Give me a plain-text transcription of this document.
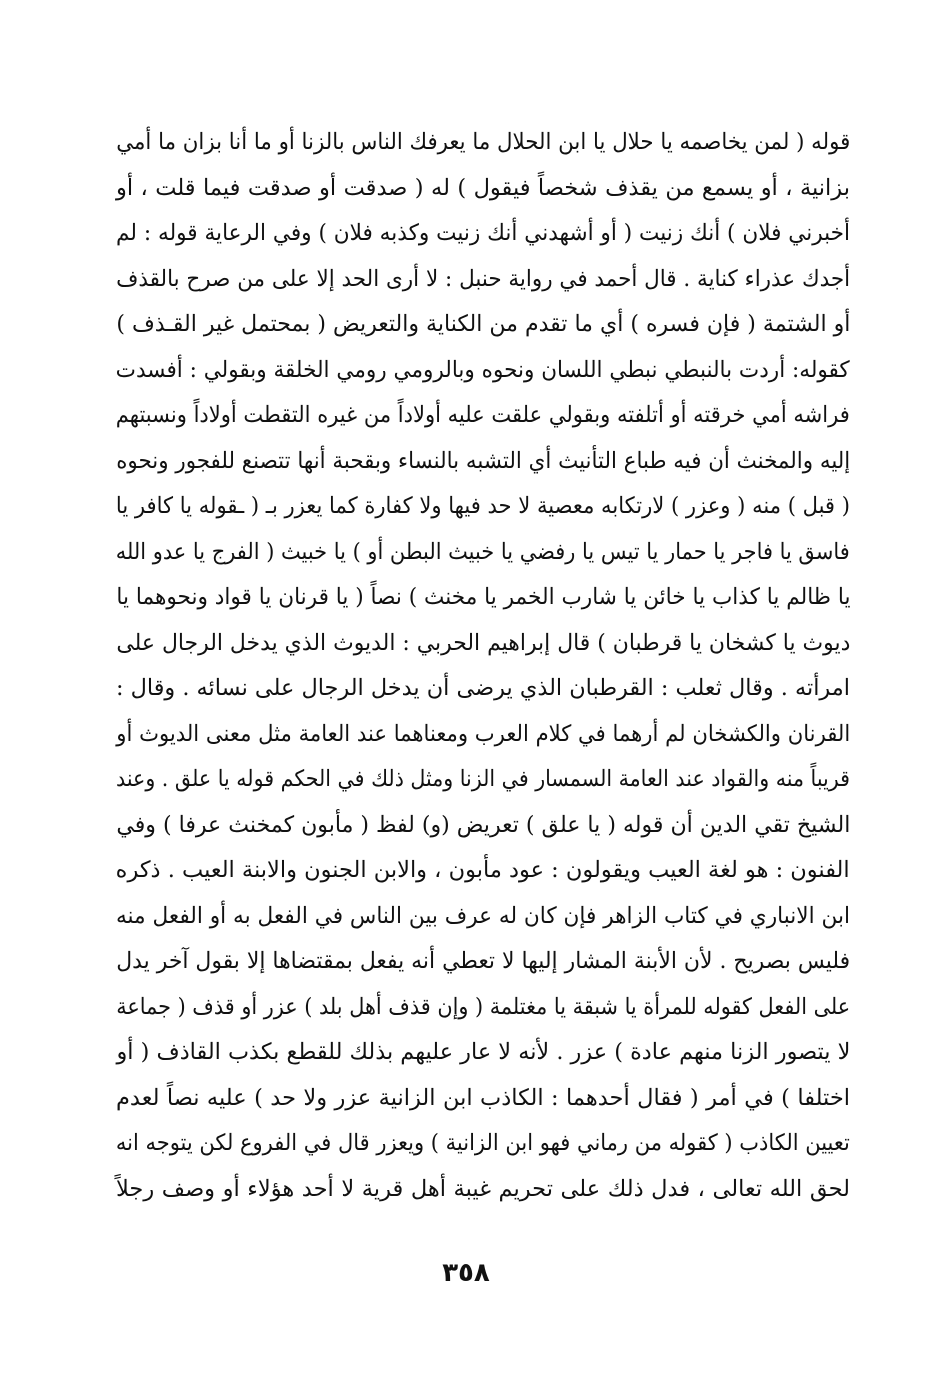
قوله ( لمن يخاصمه يا حلال يا ابن الحلال ما يعرفك الناس بالزنا أو ما أنا بزان ما أمي
بزانية ، أو يسمع من يقذف شخصاً فيقول ) له ( صدقت أو صدقت فيما قلت ، أو
أخبرني فلان ) أنك زنيت ( أو أشهدني أنك زنيت وكذبه فلان ) وفي الرعاية قوله : لم
أجدك عذراء كناية . قال أحمد في رواية حنبل : لا أرى الحد إلا على من صرح بالقذف
أو الشتمة ( فإن فسره ) أي ما تقدم من الكناية والتعريض ( بمحتمل غير القـذف )
كقوله: أردت بالنبطي نبطي اللسان ونحوه وبالرومي رومي الخلقة وبقولي : أفسدت
فراشه أمي خرقته أو أتلفته وبقولي علقت عليه أولاداً من غيره التقطت أولاداً ونسبتهم
إليه والمخنث أن فيه طباع التأنيث أي التشبه بالنساء وبقحبة أنها تتصنع للفجور ونحوه
( قبل ) منه ( وعزر ) لارتكابه معصية لا حد فيها ولا كفارة كما يعزر بـ ( ـقوله يا كافر يا
فاسق يا فاجر يا حمار يا تيس يا رفضي يا خبيث البطن أو ) يا خبيث ( الفرج يا عدو الله
يا ظالم يا كذاب يا خائن يا شارب الخمر يا مخنث ) نصاً ( يا قرنان يا قواد ونحوهما يا
ديوث يا كشخان يا قرطبان ) قال إبراهيم الحربي : الديوث الذي يدخل الرجال على
امرأته . وقال ثعلب : القرطبان الذي يرضى أن يدخل الرجال على نسائه . وقال :
القرنان والكشخان لم أرهما في كلام العرب ومعناهما عند العامة مثل معنى الديوث أو
قريباً منه والقواد عند العامة السمسار في الزنا ومثل ذلك في الحكم قوله يا علق . وعند
الشيخ تقي الدين أن قوله ( يا علق ) تعريض (و) لفظ ( مأبون كمخنث عرفا ) وفي
الفنون : هو لغة العيب ويقولون : عود مأبون ، والابن الجنون والابنة العيب . ذكره
ابن الانباري في كتاب الزاهر فإن كان له عرف بين الناس في الفعل به أو الفعل منه
فليس بصريح . لأن الأبنة المشار إليها لا تعطي أنه يفعل بمقتضاها إلا بقول آخر يدل
على الفعل كقوله للمرأة يا شبقة يا مغتلمة ( وإن قذف أهل بلد ) عزر أو قذف ( جماعة
لا يتصور الزنا منهم عادة ) عزر . لأنه لا عار عليهم بذلك للقطع بكذب القاذف ( أو
اختلفا ) في أمر ( فقال أحدهما : الكاذب ابن الزانية عزر ولا حد ) عليه نصاً لعدم
تعيين الكاذب ( كقوله من رماني فهو ابن الزانية ) ويعزر قال في الفروع لكن يتوجه انه
لحق الله تعالى ، فدل ذلك على تحريم غيبة أهل قرية لا أحد هؤلاء أو وصف رجلاً
٣٥٨
